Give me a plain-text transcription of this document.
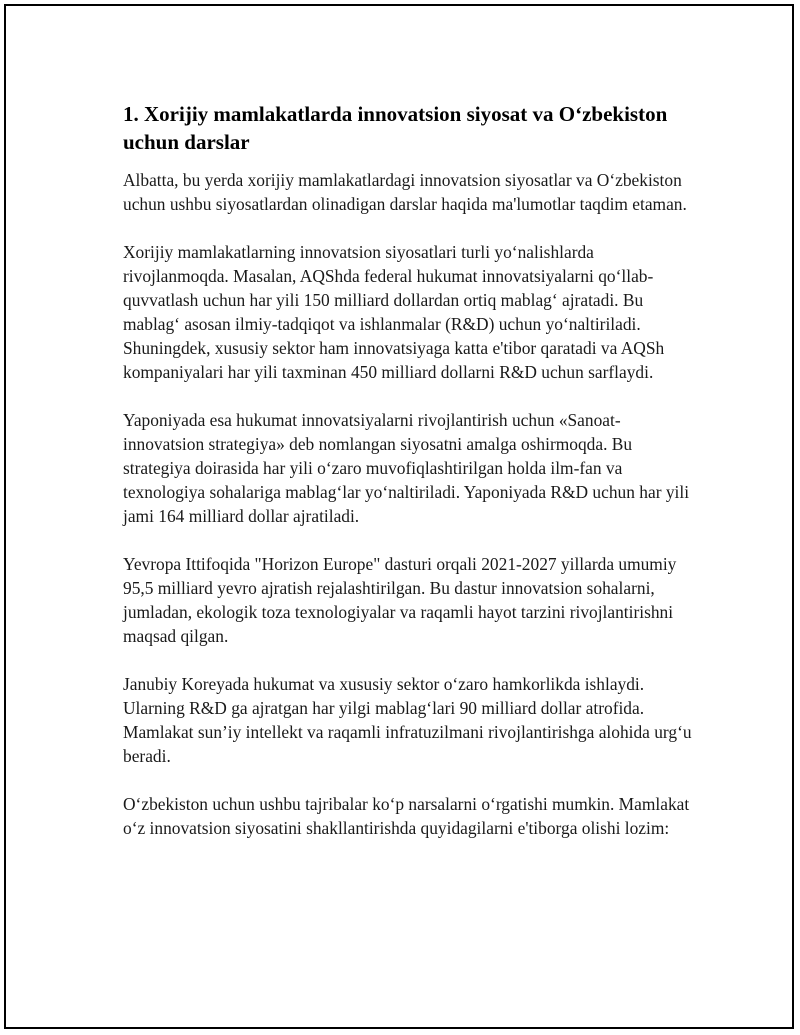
1. Xorijiy mamlakatlarda innovatsion siyosat va O‘zbekiston uchun darslar

Albatta, bu yerda xorijiy mamlakatlardagi innovatsion siyosatlar va O‘zbekiston uchun ushbu siyosatlardan olinadigan darslar haqida ma'lumotlar taqdim etaman.

Xorijiy mamlakatlarning innovatsion siyosatlari turli yo‘nalishlarda rivojlanmoqda. Masalan, AQShda federal hukumat innovatsiyalarni qo‘llab-quvvatlash uchun har yili 150 milliard dollardan ortiq mablag‘ ajratadi. Bu mablag‘ asosan ilmiy-tadqiqot va ishlanmalar (R&D) uchun yo‘naltiriladi. Shuningdek, xususiy sektor ham innovatsiyaga katta e'tibor qaratadi va AQSh kompaniyalari har yili taxminan 450 milliard dollarni R&D uchun sarflaydi.

Yaponiyada esa hukumat innovatsiyalarni rivojlantirish uchun «Sanoat-innovatsion strategiya» deb nomlangan siyosatni amalga oshirmoqda. Bu strategiya doirasida har yili o‘zaro muvofiqlashtirilgan holda ilm-fan va texnologiya sohalariga mablag‘lar yo‘naltiriladi. Yaponiyada R&D uchun har yili jami 164 milliard dollar ajratiladi.

Yevropa Ittifoqida "Horizon Europe" dasturi orqali 2021-2027 yillarda umumiy 95,5 milliard yevro ajratish rejalashtirilgan. Bu dastur innovatsion sohalarni, jumladan, ekologik toza texnologiyalar va raqamli hayot tarzini rivojlantirishni maqsad qilgan.

Janubiy Koreyada hukumat va xususiy sektor o‘zaro hamkorlikda ishlaydi. Ularning R&D ga ajratgan har yilgi mablag‘lari 90 milliard dollar atrofida. Mamlakat sun’iy intellekt va raqamli infratuzilmani rivojlantirishga alohida urg‘u beradi.

O‘zbekiston uchun ushbu tajribalar ko‘p narsalarni o‘rgatishi mumkin. Mamlakat o‘z innovatsion siyosatini shakllantirishda quyidagilarni e'tiborga olishi lozim:
